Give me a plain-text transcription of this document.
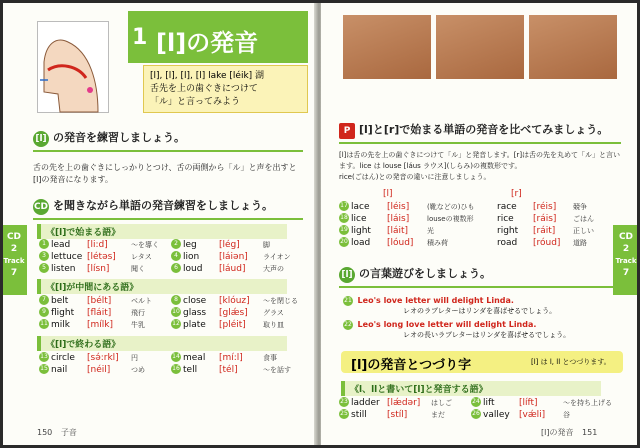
1 [l]の発音
[l], [l], [l], [l] lake [léik] 湖
舌先を上の歯ぐきにつけて
「ル」と言ってみよう
[l] の発音を練習しましょう。
舌の先を上の歯ぐきにしっかりとつけ、舌の両側から「ル」と声を出すと[l]の発音になります。
CD を聞きながら単語の発音練習をしましょう。
《[l]で始まる語》
1 lead [li:d]	〜を導く	2 leg [lég]	脚
3 lettuce [létəs] レタス	4 lion [láiən] ライオン
5 listen [lísn]	聞く	6 loud [láud]	大声の
《[l]が中間にある語》
7 belt [bélt]	ベルト	8 close [klóuz] 〜を閉じる
9 flight [fláit]	飛行	10 glass [glǽs] グラス
11 milk [mílk]	牛乳	12 plate [pléit] 取り皿
《[l]で終わる語》
13 circle [sə́:rkl] 円	14 meal [mí:l]	食事
15 nail [néil]	つめ	16 tell [tél]	〜を話す
CD
2
Track
7
150 子音
P [l]と[r]で始まる単語の発音を比べてみましょう。
[l]は舌の先を上の歯ぐきにつけて「ル」と発音します。[r]は舌の先を丸めて「ル」と言います。lice は louse [láus ラウス](しらみ)の複数形です。
rice(ごはん)との発音の違いに注意しましょう。
[l]	[r]
17 lace [léis]	(靴などの)ひも	race [réis] 競争
18 lice [láis]	louseの複数形	rice [ráis] ごはん
19 light [láit]	光	right [ráit]	正しい
20 load [lóud] 積み荷	road [róud] 道路
[l] の言葉遊びをしましょう。
21 Leo's love letter will delight Linda.
レオのラブレターはリンダを喜ばせるでしょう。
22 Leo's long love letter will delight Linda.
レオの長いラブレターはリンダを喜ばせるでしょう。
[l]の発音とつづり字	[l] は l, ll とつづります。
《l、llと書いて[l]と発音する語》
23 ladder [lǽdər] はしご	24 lift	[líft]	〜を持ち上げる
25 still [stíl]	まだ	26 valley [vǽli]	谷
CD
2
Track
7
[l]の発音 151
